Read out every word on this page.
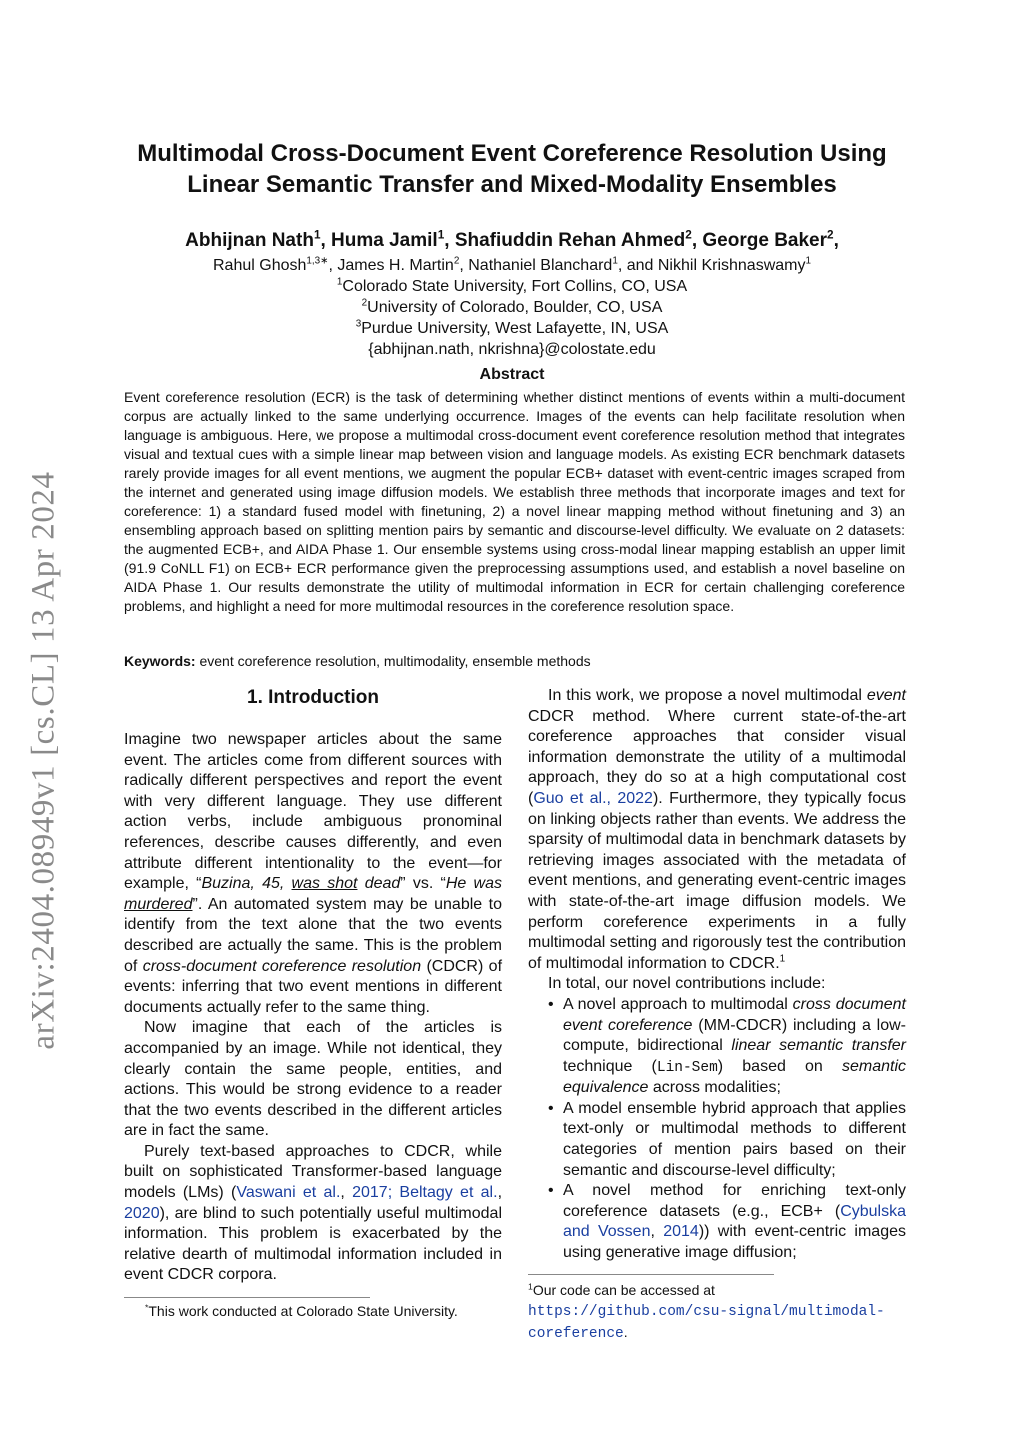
arXiv:2404.08949v1 [cs.CL] 13 Apr 2024
Multimodal Cross-Document Event Coreference Resolution Using
Linear Semantic Transfer and Mixed-Modality Ensembles
Abhijnan Nath$^1$, Huma Jamil$^1$, Shafiuddin Rehan Ahmed$^2$, George Baker$^2$,
Rahul Ghosh$^{1,3∗}$, James H. Martin$^2$, Nathaniel Blanchard$^1$, and Nikhil Krishnaswamy$^1$
$^1$Colorado State University, Fort Collins, CO, USA
$^2$University of Colorado, Boulder, CO, USA
$^3$Purdue University, West Lafayette, IN, USA
{abhijnan.nath, nkrishna}@colostate.edu
Abstract
Event coreference resolution (ECR) is the task of determining whether distinct mentions of events within a multi-document corpus are actually linked to the same underlying occurrence. Images of the events can help facilitate resolution when language is ambiguous. Here, we propose a multimodal cross-document event coreference resolution method that integrates visual and textual cues with a simple linear map between vision and language models. As existing ECR benchmark datasets rarely provide images for all event mentions, we augment the popular ECB+ dataset with event-centric images scraped from the internet and generated using image diffusion models. We establish three methods that incorporate images and text for coreference: 1) a standard fused model with finetuning, 2) a novel linear mapping method without finetuning and 3) an ensembling approach based on splitting mention pairs by semantic and discourse-level difficulty. We evaluate on 2 datasets: the augmented ECB+, and AIDA Phase 1. Our ensemble systems using cross-modal linear mapping establish an upper limit (91.9 CoNLL F1) on ECB+ ECR performance given the preprocessing assumptions used, and establish a novel baseline on AIDA Phase 1. Our results demonstrate the utility of multimodal information in ECR for certain challenging coreference problems, and highlight a need for more multimodal resources in the coreference resolution space.
Keywords: event coreference resolution, multimodality, ensemble methods
1. Introduction

Imagine two newspaper articles about the same event. The articles come from different sources with radically different perspectives and report the event with very different language. They use different action verbs, include ambiguous pronominal references, describe causes differently, and even attribute different intentionality to the event—for example, “Buzina, 45, was shot dead” vs. “He was murdered”. An automated system may be unable to identify from the text alone that the two events described are actually the same. This is the problem of cross-document coreference resolution (CDCR) of events: inferring that two event mentions in different documents actually refer to the same thing.

Now imagine that each of the articles is accompanied by an image. While not identical, they clearly contain the same people, entities, and actions. This would be strong evidence to a reader that the two events described in the different articles are in fact the same.

Purely text-based approaches to CDCR, while built on sophisticated Transformer-based language models (LMs) (Vaswani et al., 2017; Beltagy et al., 2020), are blind to such potentially useful multimodal information. This problem is exacerbated by the relative dearth of multimodal information included in event CDCR corpora.

In this work, we propose a novel multimodal event CDCR method. Where current state-of-the-art coreference approaches that consider visual information demonstrate the utility of a multimodal approach, they do so at a high computational cost (Guo et al., 2022). Furthermore, they typically focus on linking objects rather than events. We address the sparsity of multimodal data in benchmark datasets by retrieving images associated with the metadata of event mentions, and generating event-centric images with state-of-the-art image diffusion models. We perform coreference experiments in a fully multimodal setting and rigorously test the contribution of multimodal information to CDCR.$^1$

In total, our novel contributions include:

• A novel approach to multimodal cross document event coreference (MM-CDCR) including a low-compute, bidirectional linear semantic transfer technique (Lin-Sem) based on semantic equivalence across modalities;
• A model ensemble hybrid approach that applies text-only or multimodal methods to different categories of mention pairs based on their semantic and discourse-level difficulty;
• A novel method for enriching text-only coreference datasets (e.g., ECB+ (Cybulska and Vossen, 2014)) with event-centric images using generative image diffusion;
*This work conducted at Colorado State University.
$^1$Our code can be accessed at https://github.com/csu-signal/multimodal-coreference.
